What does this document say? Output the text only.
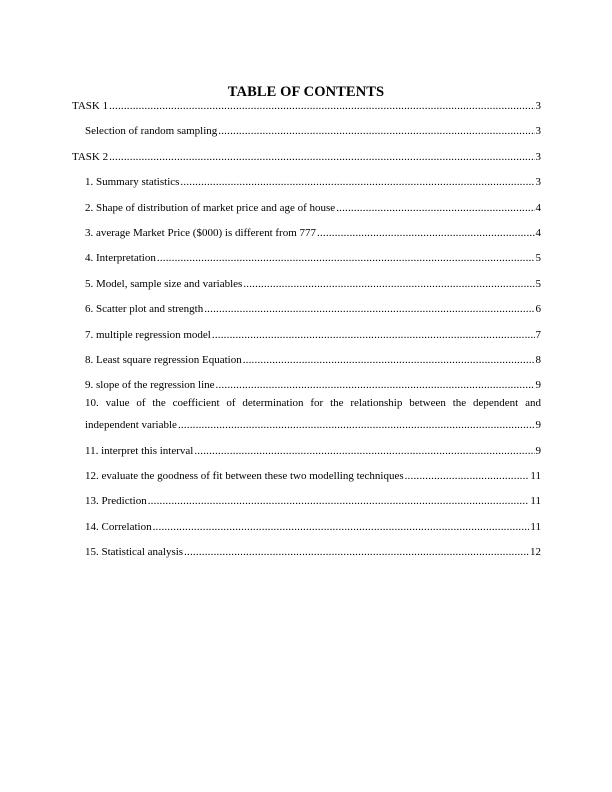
TABLE OF CONTENTS
TASK 1 .....	3
Selection of random sampling .....	3
TASK 2 .....	3
1. Summary statistics .....	3
2. Shape of distribution of market price and age of house .....	4
3. average Market Price ($000) is different from 777 .....	4
4. Interpretation .....	5
5. Model, sample size and variables .....	5
6. Scatter plot and strength .....	6
7. multiple regression model .....	7
8. Least square regression Equation .....	8
9. slope of the regression line .....	9
10. value of the coefficient of determination for the relationship between the dependent and
independent variable .....	9
11. interpret this interval .....	9
12. evaluate the goodness of fit between these two modelling techniques .....	11
13. Prediction .....	11
14. Correlation .....	11
15. Statistical analysis .....	12
